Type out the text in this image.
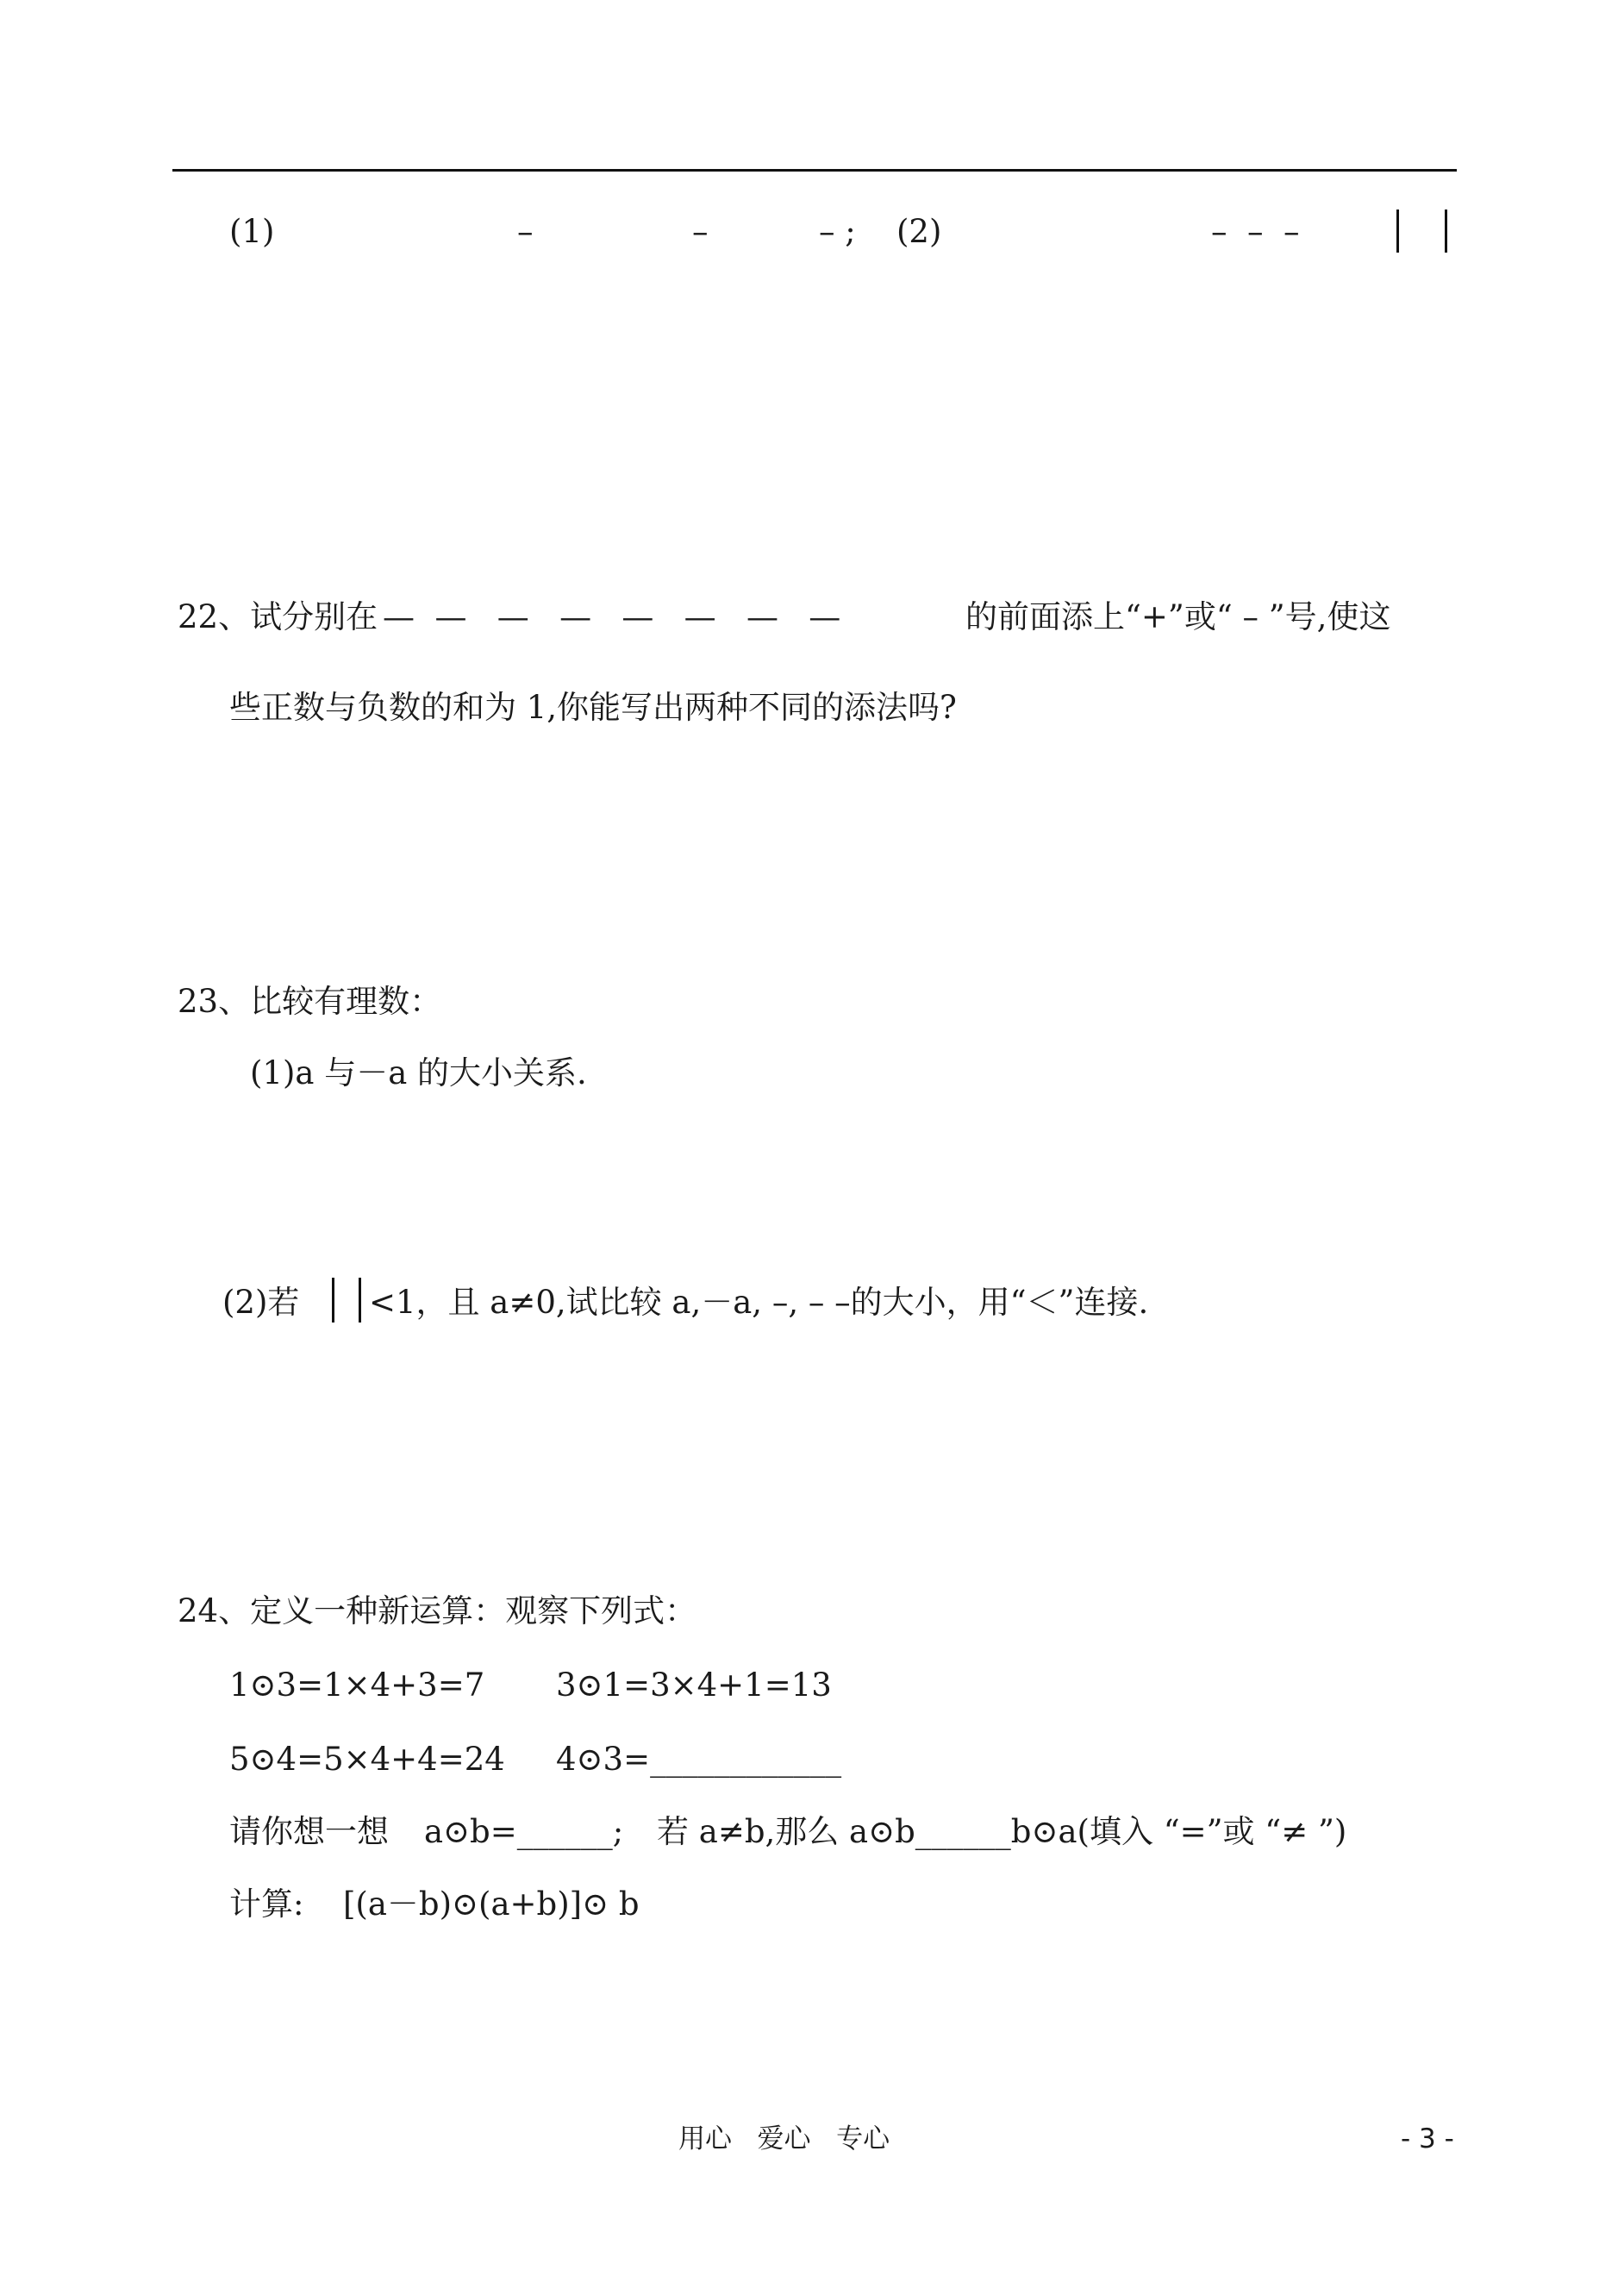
(1)	–	–	– ; (2)	–  –  –
22、试分别在 —  —   —   —   —   —   —   —	的前面添上“+”或“ – ”号,使这
些正数与负数的和为 1,你能写出两种不同的添法吗?
23、比较有理数：
(1)a 与－a 的大小关系.
(2)若 <1，且 a≠0,试比较 a,－a, –, – –的大小，用“＜”连接.
24、定义一种新运算：观察下列式：
1⊙3=1×4+3=7 3⊙1=3×4+1=13
5⊙4=5×4+4=24 4⊙3=____________
请你想一想 a⊙b=______; 若 a≠b,那么 a⊙b______b⊙a(填入 “=”或 “≠ ”)
计算: [(a－b)⊙(a+b)]⊙ b
用心   爱心   专心	- 3 -
